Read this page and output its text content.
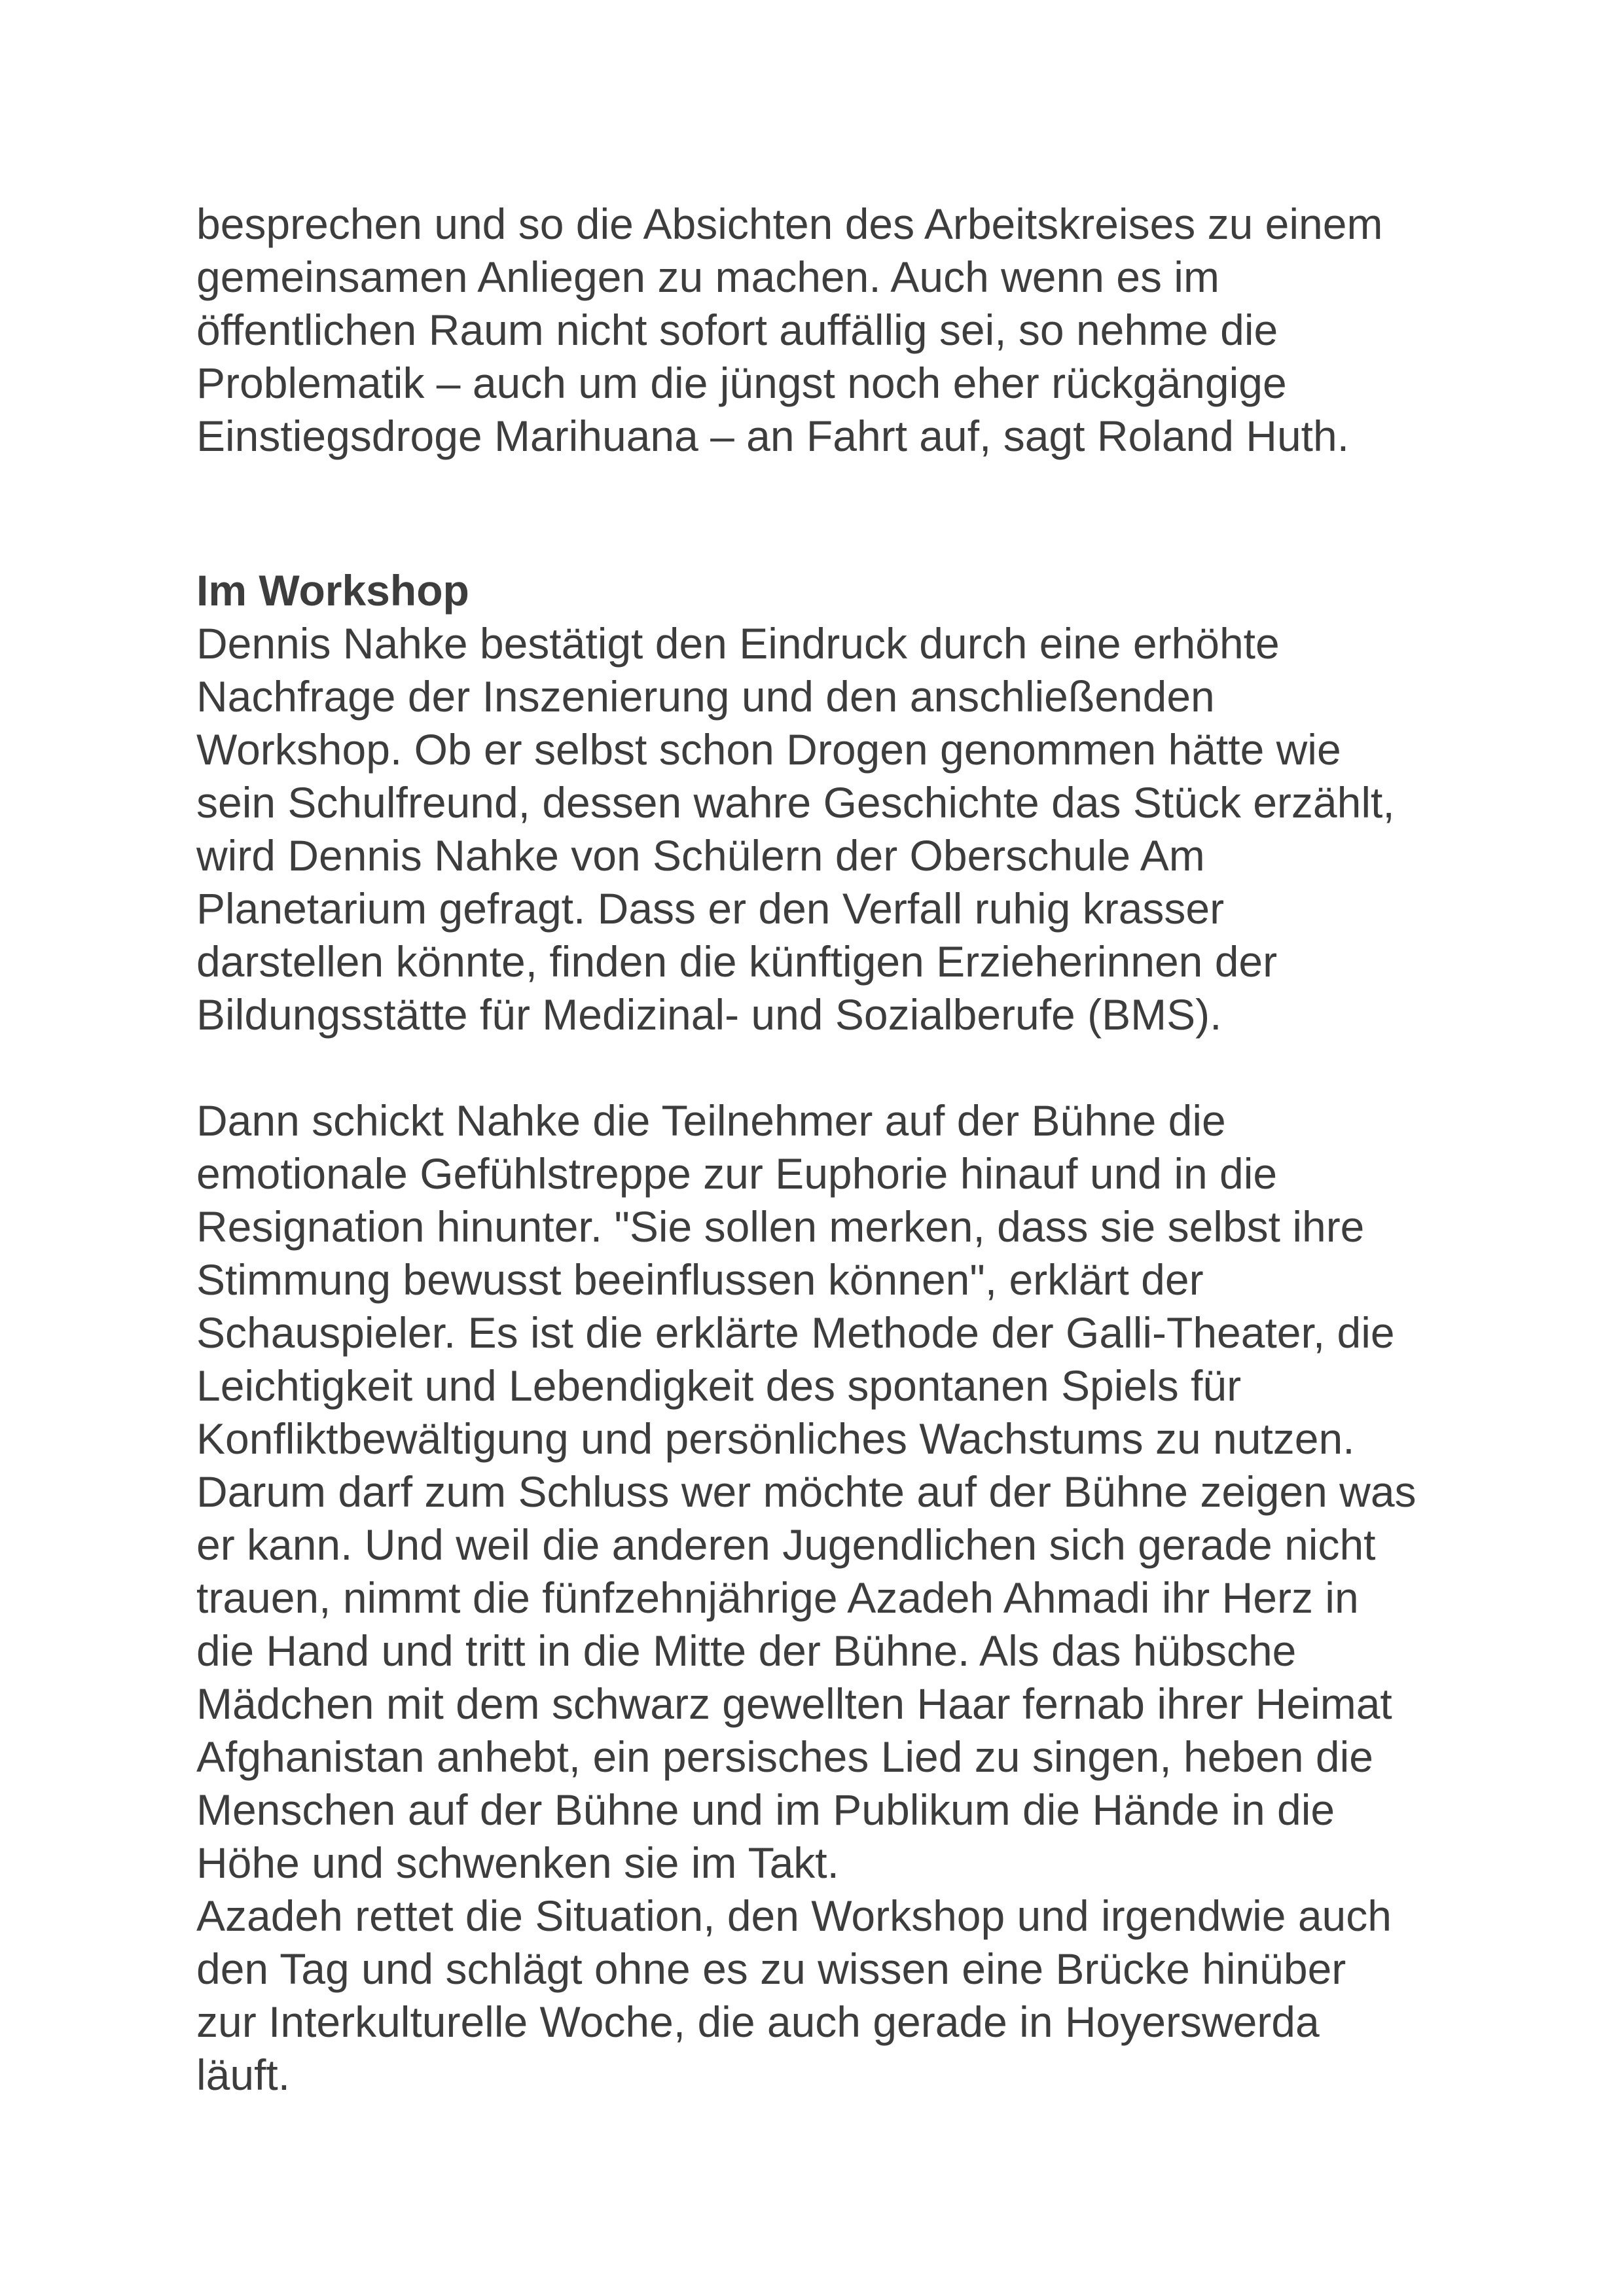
besprechen und so die Absichten des Arbeitskreises zu einem
gemeinsamen Anliegen zu machen. Auch wenn es im
öffentlichen Raum nicht sofort auffällig sei, so nehme die
Problematik – auch um die jüngst noch eher rückgängige
Einstiegsdroge Marihuana – an Fahrt auf, sagt Roland Huth.
Im Workshop
Dennis Nahke bestätigt den Eindruck durch eine erhöhte
Nachfrage der Inszenierung und den anschließenden
Workshop. Ob er selbst schon Drogen genommen hätte wie
sein Schulfreund, dessen wahre Geschichte das Stück erzählt,
wird Dennis Nahke von Schülern der Oberschule Am
Planetarium gefragt. Dass er den Verfall ruhig krasser
darstellen könnte, finden die künftigen Erzieherinnen der
Bildungsstätte für Medizinal- und Sozialberufe (BMS).
Dann schickt Nahke die Teilnehmer auf der Bühne die
emotionale Gefühlstreppe zur Euphorie hinauf und in die
Resignation hinunter. "Sie sollen merken, dass sie selbst ihre
Stimmung bewusst beeinflussen können", erklärt der
Schauspieler. Es ist die erklärte Methode der Galli-Theater, die
Leichtigkeit und Lebendigkeit des spontanen Spiels für
Konfliktbewältigung und persönliches Wachstums zu nutzen.
Darum darf zum Schluss wer möchte auf der Bühne zeigen was
er kann. Und weil die anderen Jugendlichen sich gerade nicht
trauen, nimmt die fünfzehnjährige Azadeh Ahmadi ihr Herz in
die Hand und tritt in die Mitte der Bühne. Als das hübsche
Mädchen mit dem schwarz gewellten Haar fernab ihrer Heimat
Afghanistan anhebt, ein persisches Lied zu singen, heben die
Menschen auf der Bühne und im Publikum die Hände in die
Höhe und schwenken sie im Takt.
Azadeh rettet die Situation, den Workshop und irgendwie auch
den Tag und schlägt ohne es zu wissen eine Brücke hinüber
zur Interkulturelle Woche, die auch gerade in Hoyerswerda
läuft.
